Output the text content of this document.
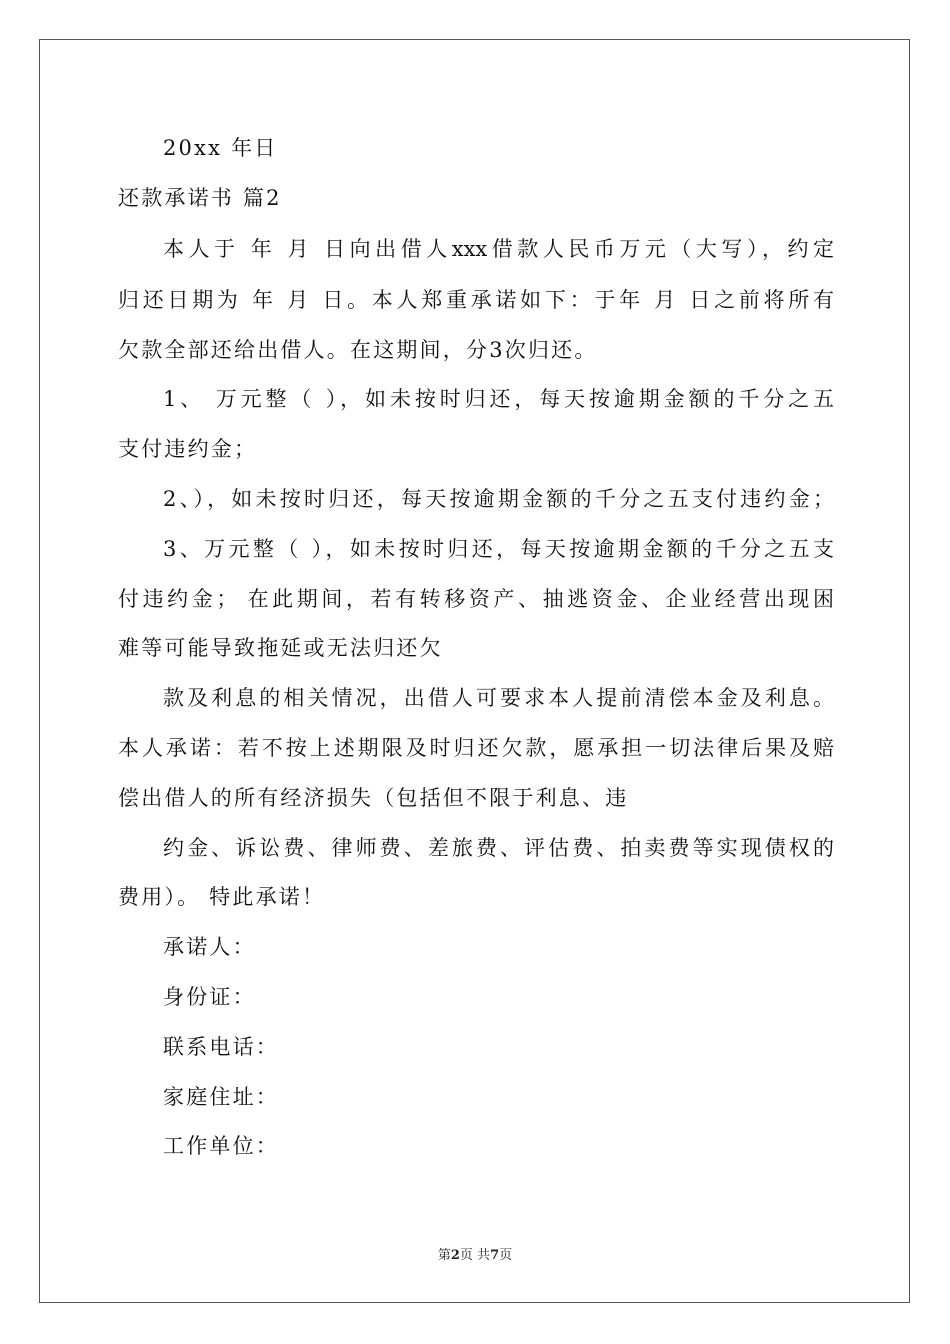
20xx 年日
还款承诺书 篇2
本人于 年 月 日向出借人xxx借款人民币万元（大写），约定
归还日期为 年 月 日。本人郑重承诺如下：于年 月 日之前将所有
欠款全部还给出借人。在这期间，分3次归还。
1、 万元整（ ），如未按时归还，每天按逾期金额的千分之五
支付违约金；
2、），如未按时归还，每天按逾期金额的千分之五支付违约金；
3、万元整（ ），如未按时归还，每天按逾期金额的千分之五支
付违约金； 在此期间，若有转移资产、抽逃资金、企业经营出现困
难等可能导致拖延或无法归还欠
款及利息的相关情况，出借人可要求本人提前清偿本金及利息。
本人承诺：若不按上述期限及时归还欠款，愿承担一切法律后果及赔
偿出借人的所有经济损失（包括但不限于利息、违
约金、诉讼费、律师费、差旅费、评估费、拍卖费等实现债权的
费用）。 特此承诺！
承诺人：
身份证：
联系电话：
家庭住址：
工作单位：
第2页 共7页
